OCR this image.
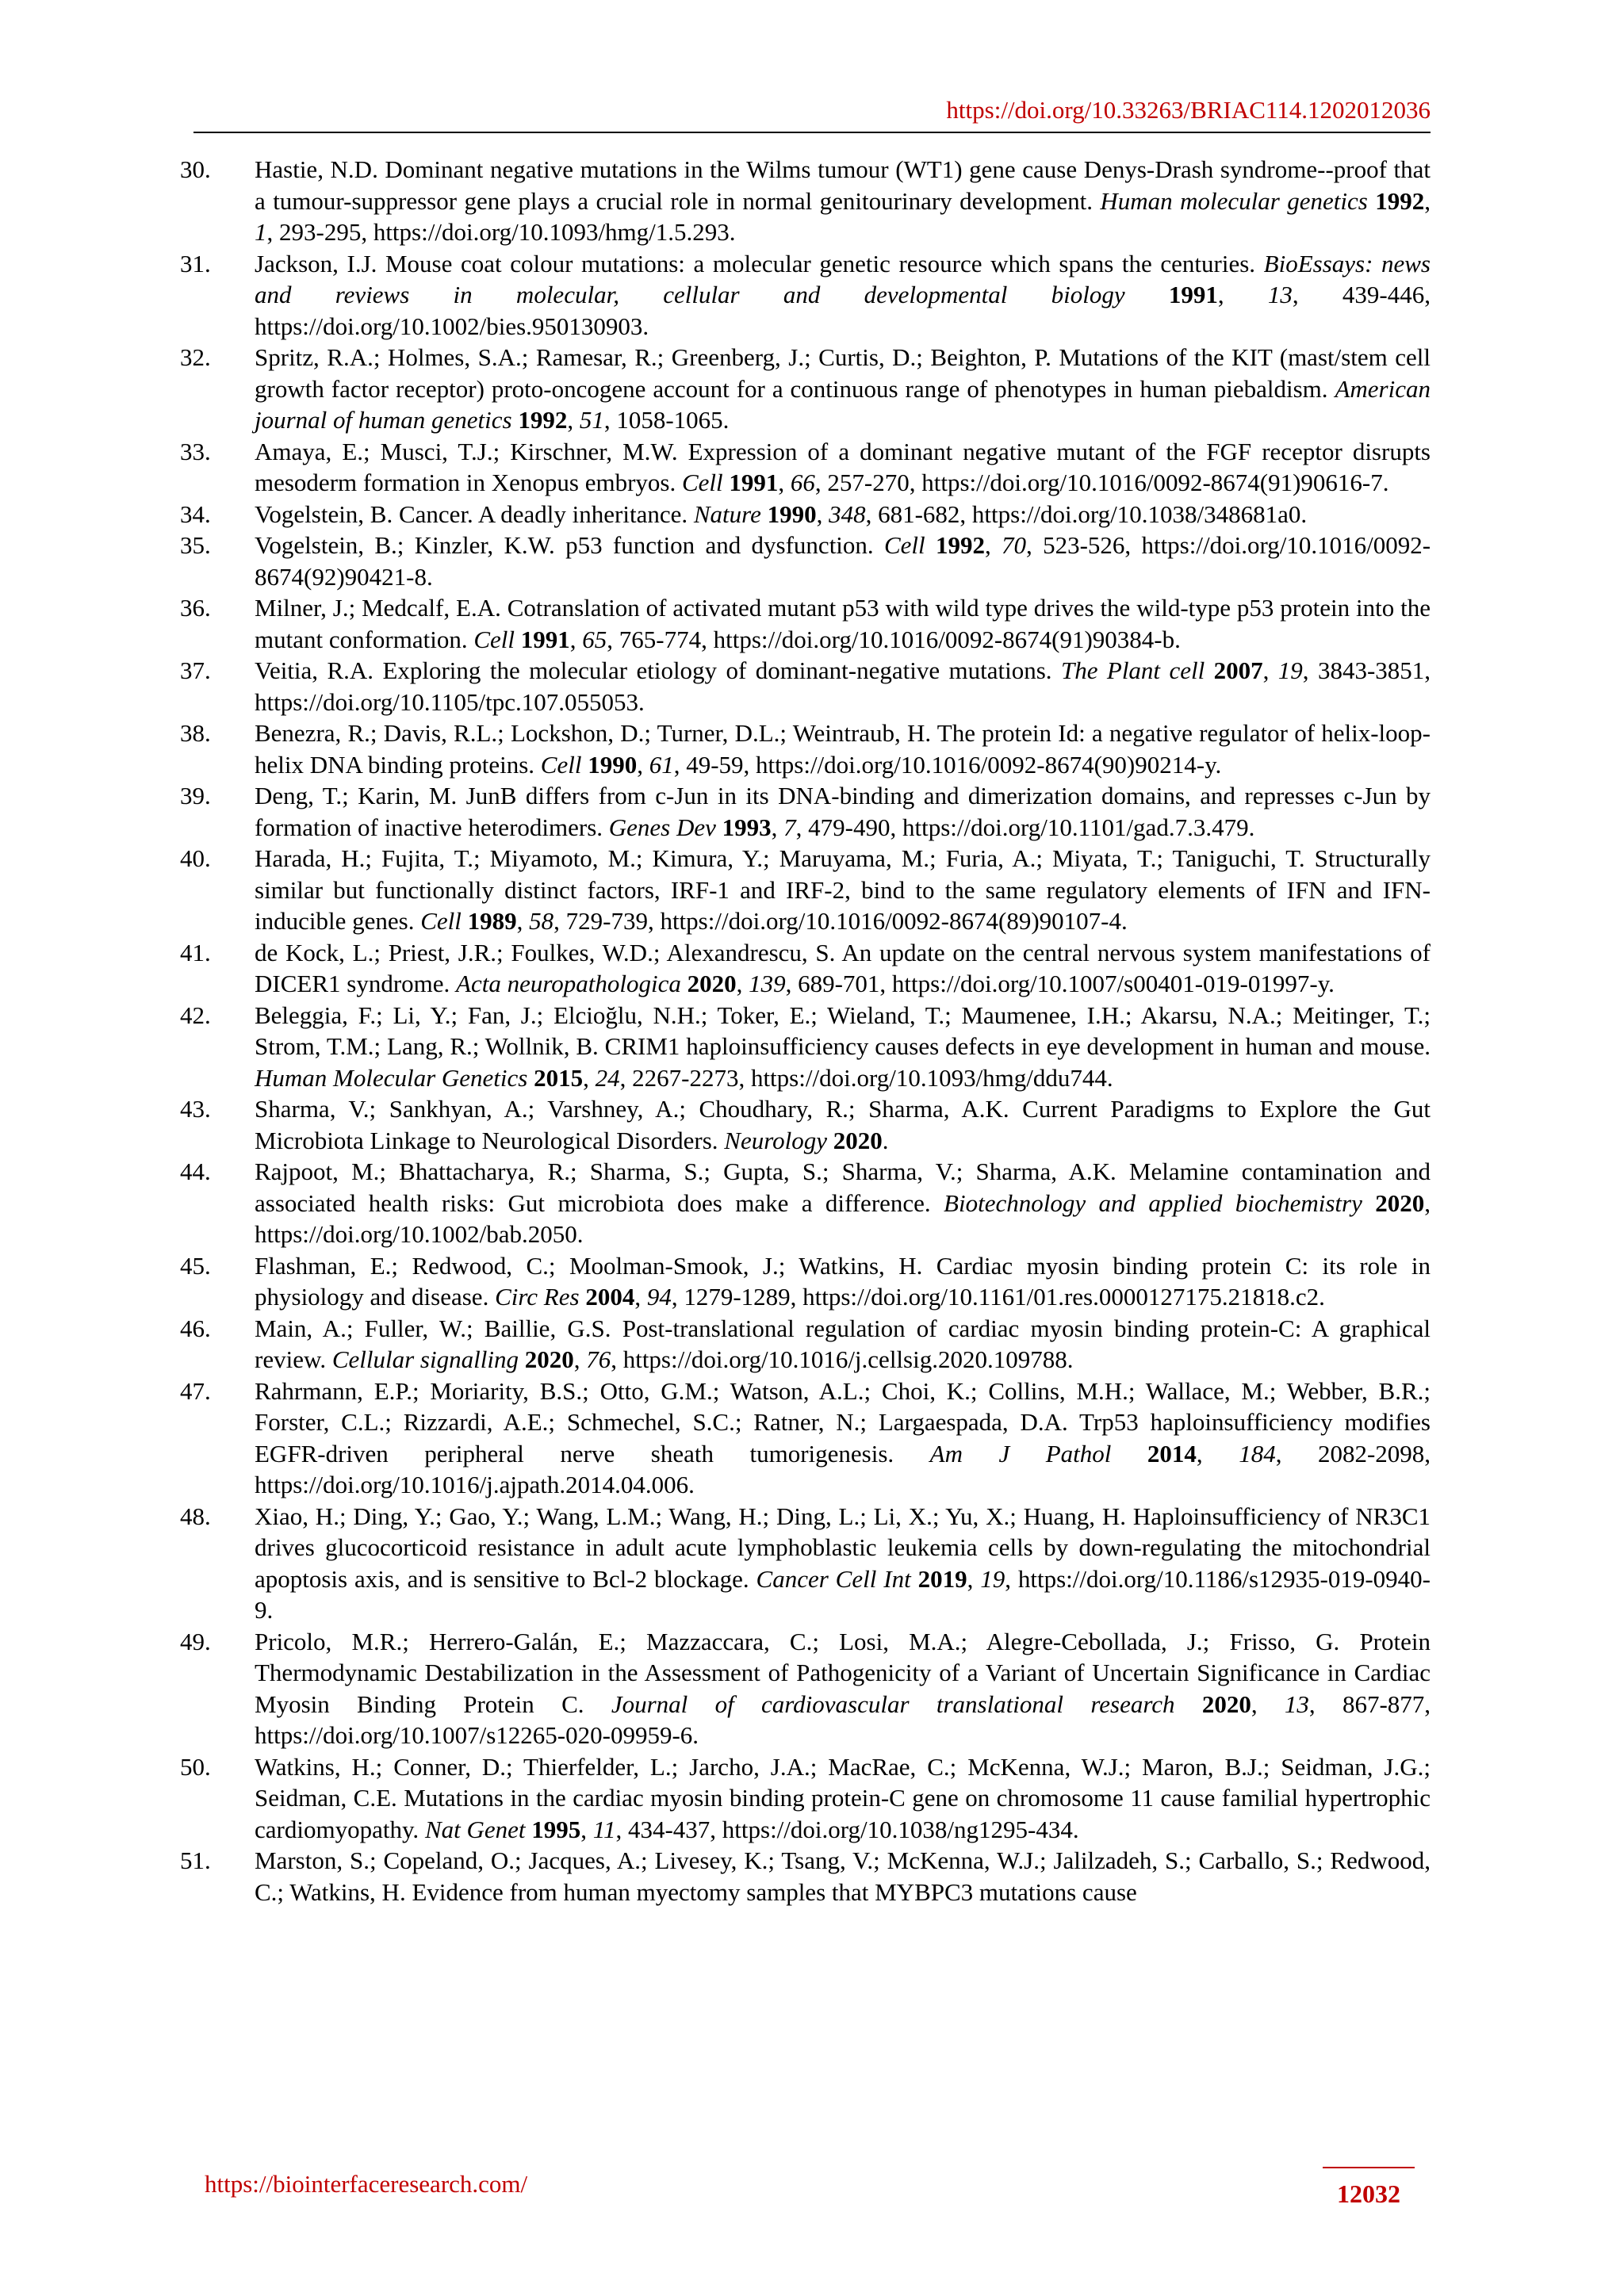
https://doi.org/10.33263/BRIAC114.1202012036
30. Hastie, N.D. Dominant negative mutations in the Wilms tumour (WT1) gene cause Denys-Drash syndrome--proof that a tumour-suppressor gene plays a crucial role in normal genitourinary development. Human molecular genetics 1992, 1, 293-295, https://doi.org/10.1093/hmg/1.5.293.
31. Jackson, I.J. Mouse coat colour mutations: a molecular genetic resource which spans the centuries. BioEssays: news and reviews in molecular, cellular and developmental biology 1991, 13, 439-446, https://doi.org/10.1002/bies.950130903.
32. Spritz, R.A.; Holmes, S.A.; Ramesar, R.; Greenberg, J.; Curtis, D.; Beighton, P. Mutations of the KIT (mast/stem cell growth factor receptor) proto-oncogene account for a continuous range of phenotypes in human piebaldism. American journal of human genetics 1992, 51, 1058-1065.
33. Amaya, E.; Musci, T.J.; Kirschner, M.W. Expression of a dominant negative mutant of the FGF receptor disrupts mesoderm formation in Xenopus embryos. Cell 1991, 66, 257-270, https://doi.org/10.1016/0092-8674(91)90616-7.
34. Vogelstein, B. Cancer. A deadly inheritance. Nature 1990, 348, 681-682, https://doi.org/10.1038/348681a0.
35. Vogelstein, B.; Kinzler, K.W. p53 function and dysfunction. Cell 1992, 70, 523-526, https://doi.org/10.1016/0092-8674(92)90421-8.
36. Milner, J.; Medcalf, E.A. Cotranslation of activated mutant p53 with wild type drives the wild-type p53 protein into the mutant conformation. Cell 1991, 65, 765-774, https://doi.org/10.1016/0092-8674(91)90384-b.
37. Veitia, R.A. Exploring the molecular etiology of dominant-negative mutations. The Plant cell 2007, 19, 3843-3851, https://doi.org/10.1105/tpc.107.055053.
38. Benezra, R.; Davis, R.L.; Lockshon, D.; Turner, D.L.; Weintraub, H. The protein Id: a negative regulator of helix-loop-helix DNA binding proteins. Cell 1990, 61, 49-59, https://doi.org/10.1016/0092-8674(90)90214-y.
39. Deng, T.; Karin, M. JunB differs from c-Jun in its DNA-binding and dimerization domains, and represses c-Jun by formation of inactive heterodimers. Genes Dev 1993, 7, 479-490, https://doi.org/10.1101/gad.7.3.479.
40. Harada, H.; Fujita, T.; Miyamoto, M.; Kimura, Y.; Maruyama, M.; Furia, A.; Miyata, T.; Taniguchi, T. Structurally similar but functionally distinct factors, IRF-1 and IRF-2, bind to the same regulatory elements of IFN and IFN-inducible genes. Cell 1989, 58, 729-739, https://doi.org/10.1016/0092-8674(89)90107-4.
41. de Kock, L.; Priest, J.R.; Foulkes, W.D.; Alexandrescu, S. An update on the central nervous system manifestations of DICER1 syndrome. Acta neuropathologica 2020, 139, 689-701, https://doi.org/10.1007/s00401-019-01997-y.
42. Beleggia, F.; Li, Y.; Fan, J.; Elcioğlu, N.H.; Toker, E.; Wieland, T.; Maumenee, I.H.; Akarsu, N.A.; Meitinger, T.; Strom, T.M.; Lang, R.; Wollnik, B. CRIM1 haploinsufficiency causes defects in eye development in human and mouse. Human Molecular Genetics 2015, 24, 2267-2273, https://doi.org/10.1093/hmg/ddu744.
43. Sharma, V.; Sankhyan, A.; Varshney, A.; Choudhary, R.; Sharma, A.K. Current Paradigms to Explore the Gut Microbiota Linkage to Neurological Disorders. Neurology 2020.
44. Rajpoot, M.; Bhattacharya, R.; Sharma, S.; Gupta, S.; Sharma, V.; Sharma, A.K. Melamine contamination and associated health risks: Gut microbiota does make a difference. Biotechnology and applied biochemistry 2020, https://doi.org/10.1002/bab.2050.
45. Flashman, E.; Redwood, C.; Moolman-Smook, J.; Watkins, H. Cardiac myosin binding protein C: its role in physiology and disease. Circ Res 2004, 94, 1279-1289, https://doi.org/10.1161/01.res.0000127175.21818.c2.
46. Main, A.; Fuller, W.; Baillie, G.S. Post-translational regulation of cardiac myosin binding protein-C: A graphical review. Cellular signalling 2020, 76, https://doi.org/10.1016/j.cellsig.2020.109788.
47. Rahrmann, E.P.; Moriarity, B.S.; Otto, G.M.; Watson, A.L.; Choi, K.; Collins, M.H.; Wallace, M.; Webber, B.R.; Forster, C.L.; Rizzardi, A.E.; Schmechel, S.C.; Ratner, N.; Largaespada, D.A. Trp53 haploinsufficiency modifies EGFR-driven peripheral nerve sheath tumorigenesis. Am J Pathol 2014, 184, 2082-2098, https://doi.org/10.1016/j.ajpath.2014.04.006.
48. Xiao, H.; Ding, Y.; Gao, Y.; Wang, L.M.; Wang, H.; Ding, L.; Li, X.; Yu, X.; Huang, H. Haploinsufficiency of NR3C1 drives glucocorticoid resistance in adult acute lymphoblastic leukemia cells by down-regulating the mitochondrial apoptosis axis, and is sensitive to Bcl-2 blockage. Cancer Cell Int 2019, 19, https://doi.org/10.1186/s12935-019-0940-9.
49. Pricolo, M.R.; Herrero-Galán, E.; Mazzaccara, C.; Losi, M.A.; Alegre-Cebollada, J.; Frisso, G. Protein Thermodynamic Destabilization in the Assessment of Pathogenicity of a Variant of Uncertain Significance in Cardiac Myosin Binding Protein C. Journal of cardiovascular translational research 2020, 13, 867-877, https://doi.org/10.1007/s12265-020-09959-6.
50. Watkins, H.; Conner, D.; Thierfelder, L.; Jarcho, J.A.; MacRae, C.; McKenna, W.J.; Maron, B.J.; Seidman, J.G.; Seidman, C.E. Mutations in the cardiac myosin binding protein-C gene on chromosome 11 cause familial hypertrophic cardiomyopathy. Nat Genet 1995, 11, 434-437, https://doi.org/10.1038/ng1295-434.
51. Marston, S.; Copeland, O.; Jacques, A.; Livesey, K.; Tsang, V.; McKenna, W.J.; Jalilzadeh, S.; Carballo, S.; Redwood, C.; Watkins, H. Evidence from human myectomy samples that MYBPC3 mutations cause
https://biointerfaceresearch.com/	12032
